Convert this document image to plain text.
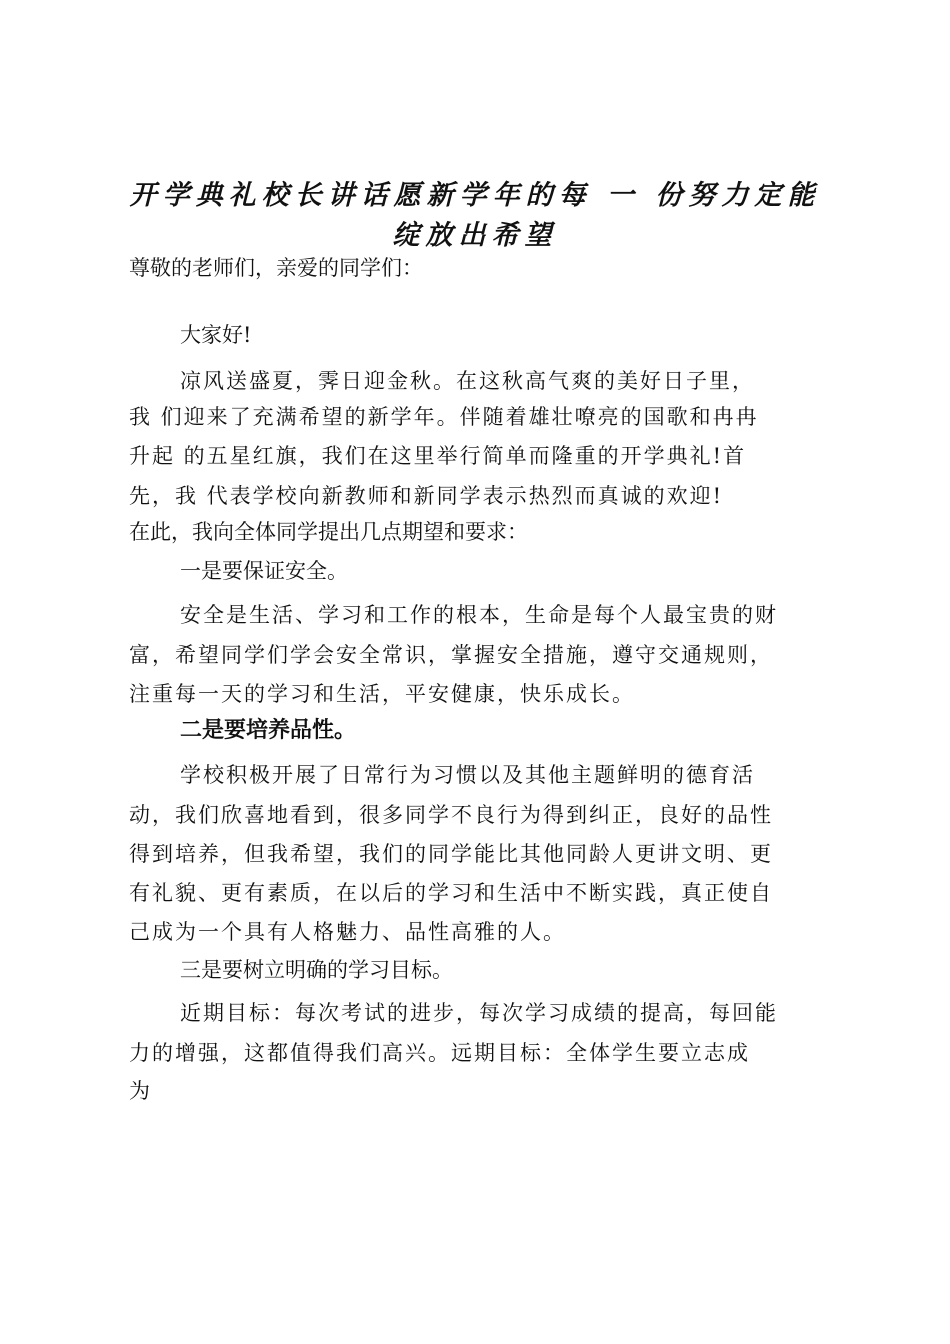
开学典礼校长讲话愿新学年的每 一 份努力定能
绽放出希望

尊敬的老师们，亲爱的同学们：

大家好!

凉风送盛夏，霁日迎金秋。在这秋高气爽的美好日子里，

我 们迎来了充满希望的新学年。伴随着雄壮嘹亮的国歌和冉冉

升起 的五星红旗，我们在这里举行简单而隆重的开学典礼!首

先，我 代表学校向新教师和新同学表示热烈而真诚的欢迎!

在此，我向全体同学提出几点期望和要求：

一是要保证安全。

安全是生活、学习和工作的根本，生命是每个人最宝贵的财

富，希望同学们学会安全常识，掌握安全措施，遵守交通规则，

注重每一天的学习和生活，平安健康，快乐成长。

二是要培养品性。

学校积极开展了日常行为习惯以及其他主题鲜明的德育活

动，我们欣喜地看到，很多同学不良行为得到纠正，良好的品性

得到培养，但我希望，我们的同学能比其他同龄人更讲文明、更

有礼貌、更有素质，在以后的学习和生活中不断实践，真正使自

己成为一个具有人格魅力、品性高雅的人。

三是要树立明确的学习目标。

近期目标：每次考试的进步，每次学习成绩的提高，每回能

力的增强，这都值得我们高兴。远期目标：全体学生要立志成

为
